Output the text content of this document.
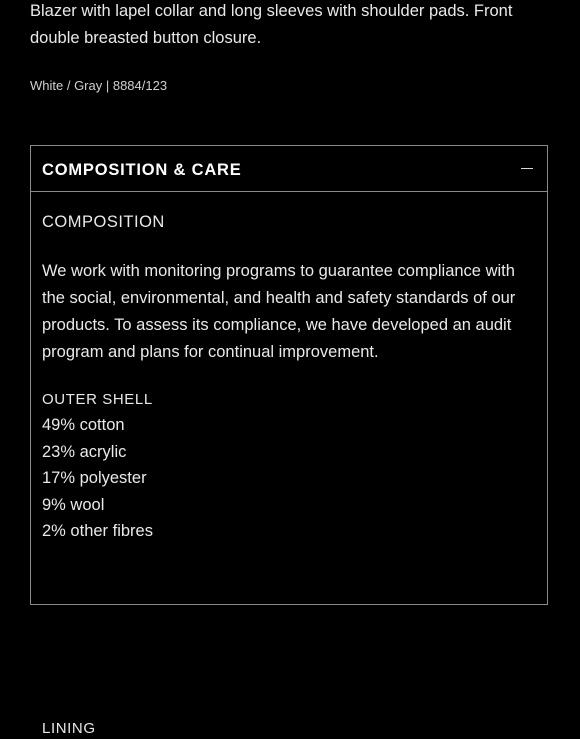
Blazer with lapel collar and long sleeves with shoulder pads. Front double breasted button closure.

White / Gray | 8884/123

COMPOSITION & CARE

COMPOSITION

We work with monitoring programs to guarantee compliance with the social, environmental, and health and safety standards of our products. To assess its compliance, we have developed an audit program and plans for continual improvement.

OUTER SHELL

49% cotton
23% acrylic
17% polyester
9% wool
2% other fibres

LINING
